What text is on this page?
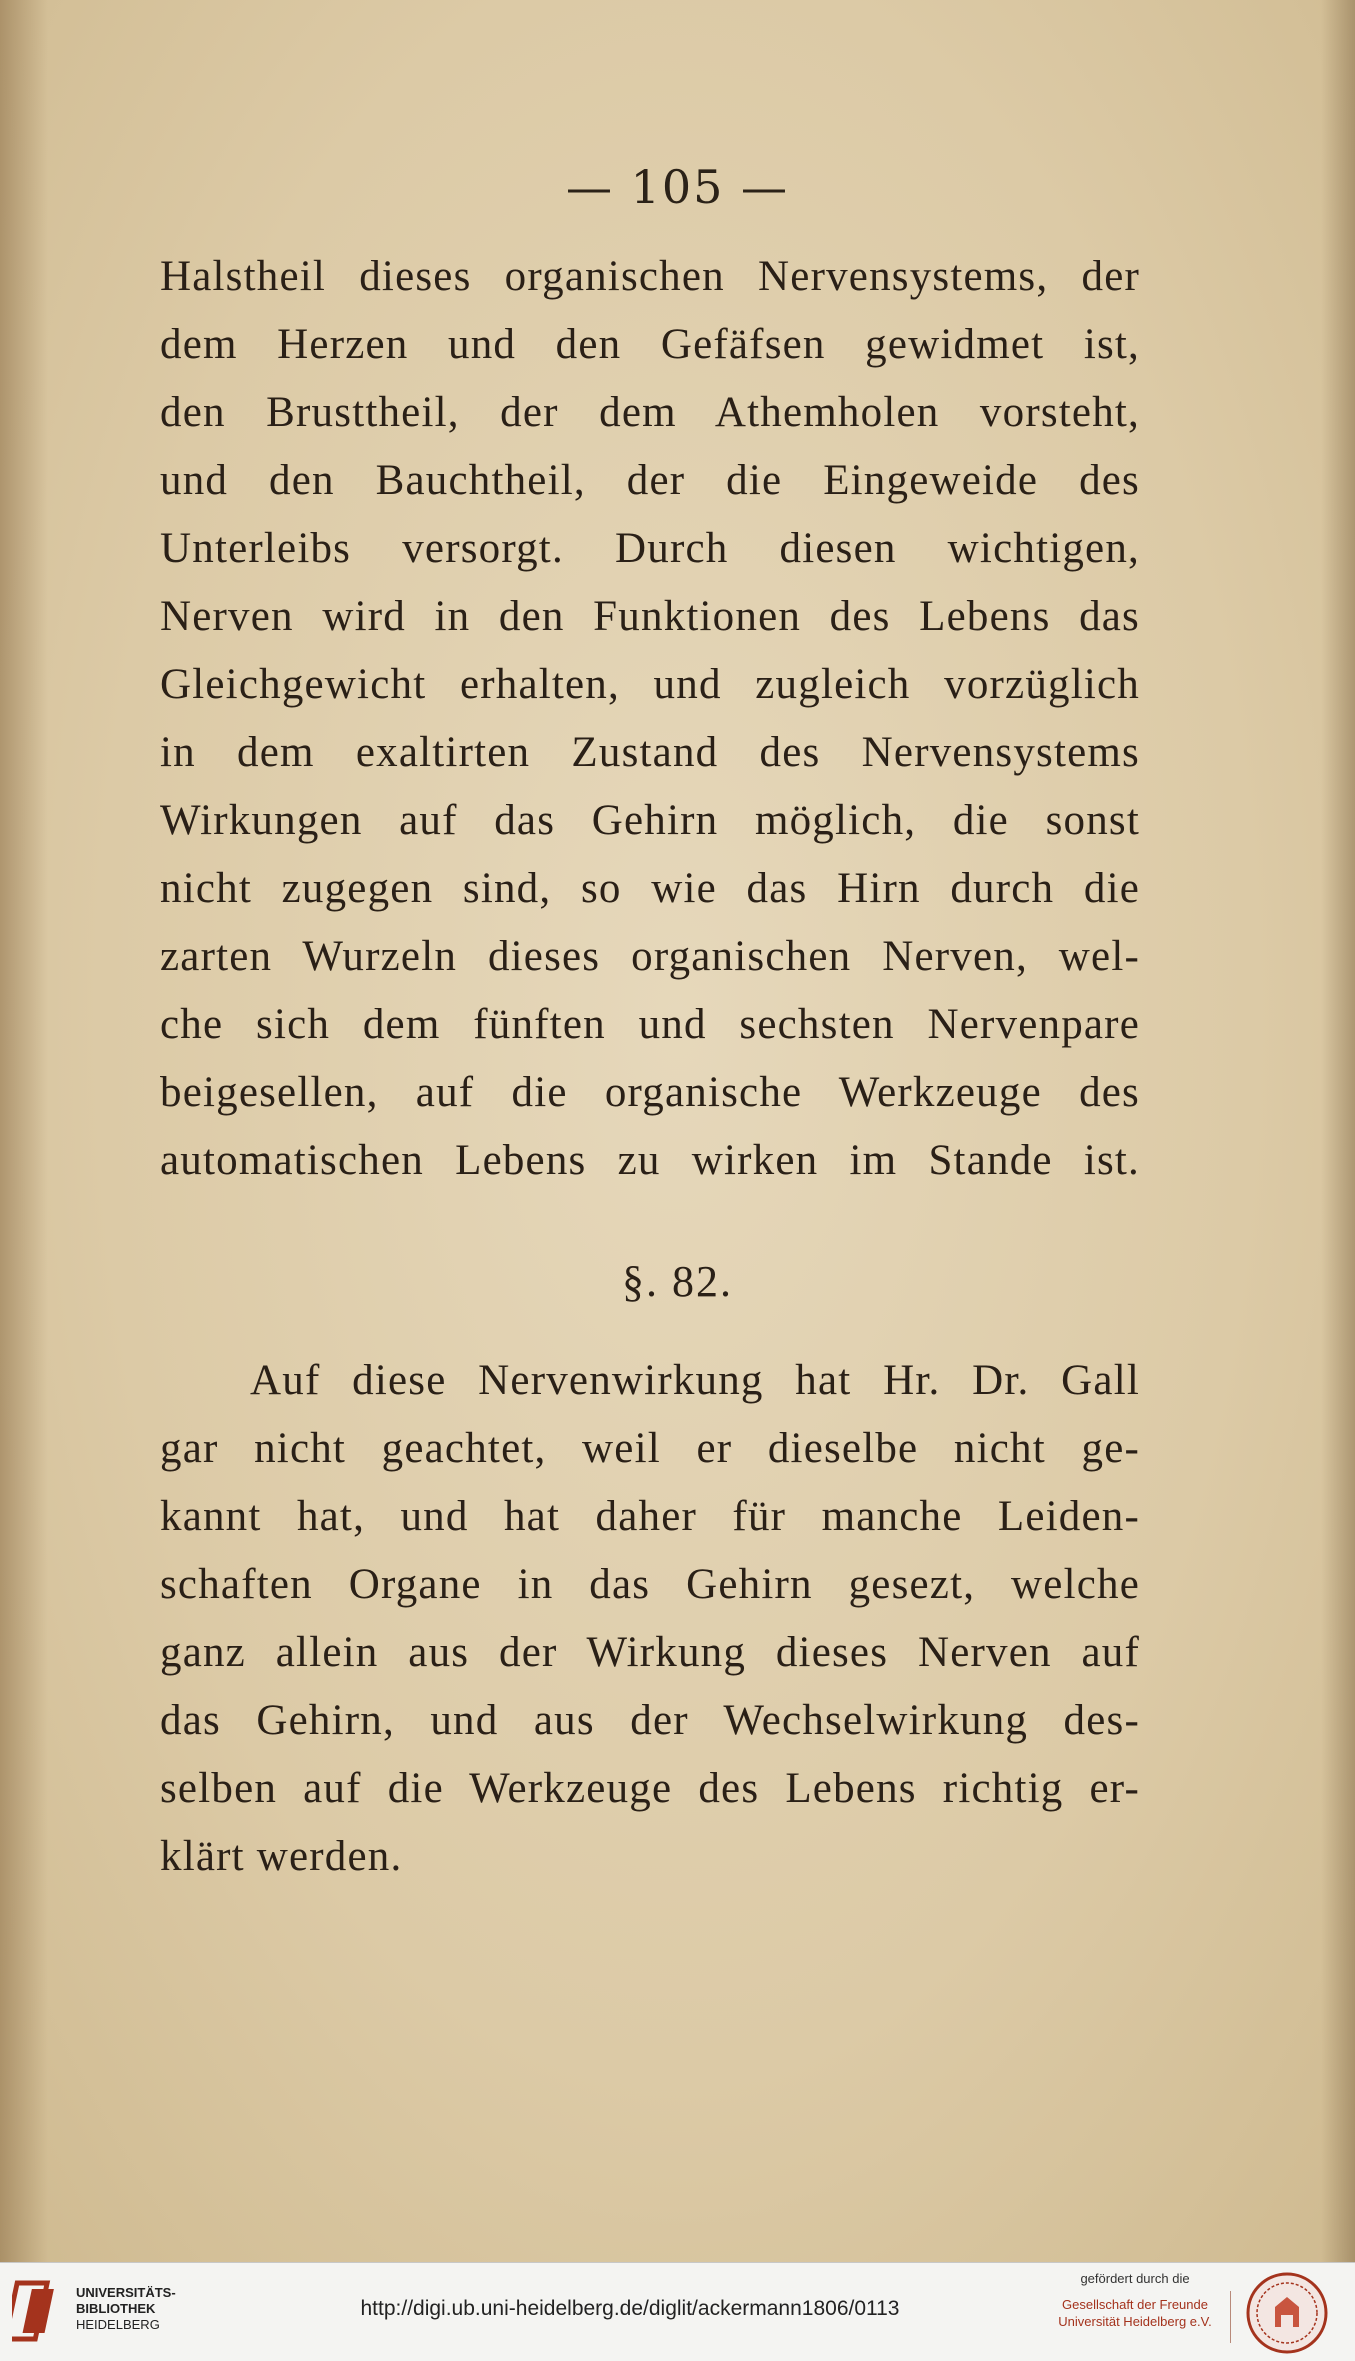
— 105 —
Halstheil dieses organischen Nervensystems, der
dem Herzen und den Gefäfsen gewidmet ist,
den Brusttheil, der dem Athemholen vorsteht,
und den Bauchtheil, der die Eingeweide des
Unterleibs versorgt. Durch diesen wichtigen,
Nerven wird in den Funktionen des Lebens das
Gleichgewicht erhalten, und zugleich vorzüglich
in dem exaltirten Zustand des Nervensystems
Wirkungen auf das Gehirn möglich, die sonst
nicht zugegen sind, so wie das Hirn durch die
zarten Wurzeln dieses organischen Nerven, wel-
che sich dem fünften und sechsten Nervenpare
beigesellen, auf die organische Werkzeuge des
automatischen Lebens zu wirken im Stande ist.
§. 82.
Auf diese Nervenwirkung hat Hr. Dr. Gall
gar nicht geachtet, weil er dieselbe nicht ge-
kannt hat, und hat daher für manche Leiden-
schaften Organe in das Gehirn gesezt, welche
ganz allein aus der Wirkung dieses Nerven auf
das Gehirn, und aus der Wechselwirkung des-
selben auf die Werkzeuge des Lebens richtig er-
klärt werden.
UNIVERSITÄTS-
BIBLIOTHEK
HEIDELBERG
http://digi.ub.uni-heidelberg.de/diglit/ackermann1806/0113
gefördert durch die
Gesellschaft der Freunde
Universität Heidelberg e.V.
